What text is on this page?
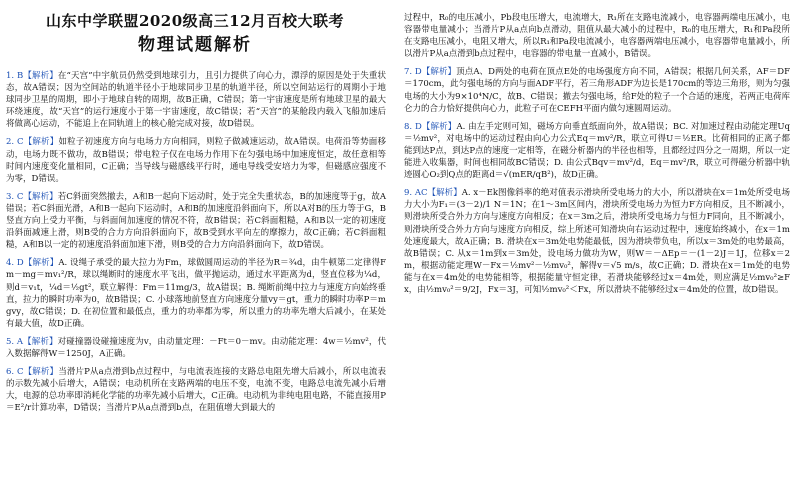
山东中学联盟2020级高三12月百校大联考
物理试题解析
1. B【解析】在“天宫”中宇航员仍然受到地球引力，且引力提供了向心力，漂浮的原因是处于失重状态，故A错误；因为空间站的轨道半径小于地球同步卫星的轨道半径，所以空间站运行的周期小于地球同步卫星的周期，即小于地球自转的周期，故B正确，C错误；第一宇宙速度是所有地球卫星的最大环绕速度，故“天宫”的运行速度小于第一宇宙速度，故C错误；若“天宫”的某舱段内载入飞船加速后将做离心运动，不能追上在同轨道上的核心舱完成对接，故D错误。
2. C【解析】如粒子初速度方向与电场力方向相同，则粒子做减速运动，故A错误。电荷沿等势面移动，电场力既不做功，故B错误；带电粒子仅在电场力作用下在匀强电场中加速度恒定，故任意相等时间内速度变化量相同，C正确；当导线与磁感线平行时，通电导线受安培力为零，但磁感应强度不为零，D错误。
3. C【解析】若C斜面突然撤去，A和B一起向下运动时，处于完全失重状态，B的加速度等于g，故A错误；若C斜面光滑，A和B一起向下运动时，A和B的加速度沿斜面向下，所以A对B的压力等于G，B竖直方向上受力平衡，与斜面间加速度的情况不符，故B错误；若C斜面粗糙，A和B以一定的初速度沿斜面减速上滑，则B受的合力方向沿斜面向下，故B受到水平向左的摩擦力，故C正确；若C斜面粗糙，A和B以一定的初速度沿斜面加速下滑，则B受的合力方向沿斜面向下，故D错误。
4. D【解析】A. 设绳子承受的最大拉力为Fm，球做圆周运动的半径为R＝¾d，由牛顿第二定律得Fm－mg＝mv₁²/R，球以绳断时的速度水平飞出，做平抛运动，通过水平距离为d，竖直位移为¼d，则d＝v₁t，¼d＝½gt²，联立解得：Fm＝11mg/3，故A错误；B. 绳断前绳中拉力与速度方向始终垂直，拉力的瞬时功率为0，故B错误；C. 小球落地前竖直方向速度分量vy＝gt，重力的瞬时功率P＝mgvy，故C错误；D. 在初位置和最低点，重力的功率都为零，所以重力的功率先增大后减小，在某处有最大值，故D正确。
5. A【解析】对碰撞器设碰撞速度为v，由动量定理：－Ft＝0－mv。由动能定理：4w＝½mv²，代入数据解得W＝1250J，A正确。
6. C【解析】当滑片P从a点滑到b点过程中，与电流表连接的支路总电阻先增大后减小，所以电流表的示数先减小后增大，A错误；电动机所在支路两端的电压不变，电流不变，电路总电流先减小后增大，电源的总功率即消耗化学能的功率先减小后增大，C正确。电动机为非纯电阻电路，不能直接用P＝E²/r计算功率，D错误；当滑片P从a点滑到b点，在阻值增大到最大的
过程中，R₀的电压减小，Pb段电压增大，电流增大，R₁所在支路电流减小，电容器两端电压减小，电容器带电量减小；当滑片P从a点向b点滑动，阻值从最大减小的过程中，R₀的电压增大，R₁和Pa段所在支路电压减小，电阻又增大，所以R₁和Pa段电流减小，电容器两端电压减小，电容器带电量减小，所以滑片P从a点滑到b点过程中，电容器的带电量一直减小，B错误。
7. D【解析】顶点A、D两处的电荷在顶点E处的电场强度方向不同，A错误；根据几何关系，AF＝DF＝170cm，此匀强电场的方向与面ADF平行，若三角形ADF为边长是170cm的等边三角形，则为匀强电场的大小为9×10⁴N/C，故B、C错误；撤去匀强电场，给F处的粒子一个合适的速度，若两正电荷库仑力的合力恰好提供向心力，此粒子可在CEFH平面内做匀速圆周运动。
8. D【解析】A. 由左手定则可知，磁场方向垂直纸面向外，故A错误；BC. 对加速过程由动能定理Uq＝½mv²，对电场中的运动过程由向心力公式Eq＝mv²/R，联立可得U＝½ER。比荷相同的正离子都能到达P点，到达P点的速度一定相等，在磁分析器内的半径也相等，且都经过四分之一周期，所以一定能进入收集器，时间也相同故BC错误；D. 由公式Bqv＝mv²/d，Eq＝mv²/R，联立可得磁分析器中轨迹圆心O₂到Q点的距离d＝√(mER/qB²)，故D正确。
9. AC【解析】A. x－Ek图像斜率的绝对值表示滑块所受电场力的大小，所以滑块在x＝1m处所受电场力大小为F₁＝(3－2)/1 N＝1N；在1～3m区间内，滑块所受电场力为恒力F方向相反，且不断减小，则滑块所受合外力方向与速度方向相反；在x＝3m之后，滑块所受电场力与恒力F同向，且不断减小，则滑块所受合外力方向与速度方向相反，综上所述可知滑块向右运动过程中，速度始终减小，在x＝1m处速度最大，故A正确；B. 滑块在x＝3m处电势能最低，因为滑块带负电，所以x＝3m处的电势最高，故B错误；C. 从x＝1m到x＝3m处，设电场力做功为W，则W＝－ΔEp＝－(1－2)J＝1J，位移x＝2m，根据动能定理W－Fx＝½mv²－½mv₀²，解得v＝√5 m/s，故C正确；D. 滑块在x＝1m处的电势能与在x＝4m处的电势能相等，根据能量守恒定律，若滑块能够经过x＝4m处，则应满足½mv₀²≥Fx，由½mv₀²＝9/2J，Fx＝3J，可知½mv₀²＜Fx，所以滑块不能够经过x＝4m处的位置，故D错误。
